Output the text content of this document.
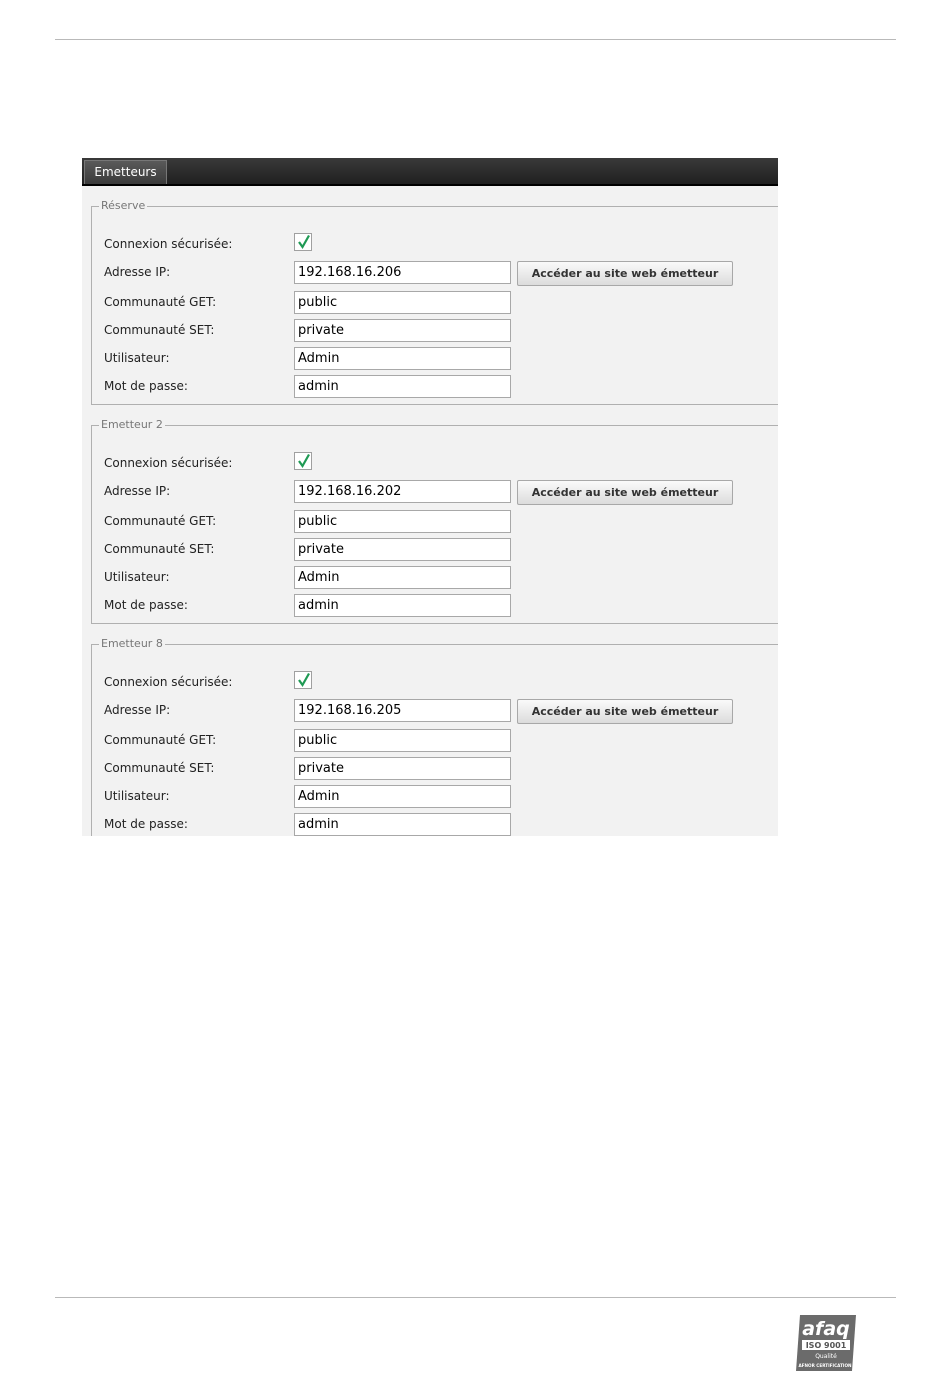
Emetteurs
Réserve
Connexion sécurisée:
Adresse IP:	192.168.16.206	Accéder au site web émetteur
Communauté GET:	public
Communauté SET:	private
Utilisateur:	Admin
Mot de passe:	admin
Emetteur 2
Connexion sécurisée:
Adresse IP:	192.168.16.202	Accéder au site web émetteur
Communauté GET:	public
Communauté SET:	private
Utilisateur:	Admin
Mot de passe:	admin
Emetteur 8
Connexion sécurisée:
Adresse IP:	192.168.16.205	Accéder au site web émetteur
Communauté GET:	public
Communauté SET:	private
Utilisateur:	Admin
Mot de passe:	admin
afaq
ISO 9001
Qualité
AFNOR CERTIFICATION
